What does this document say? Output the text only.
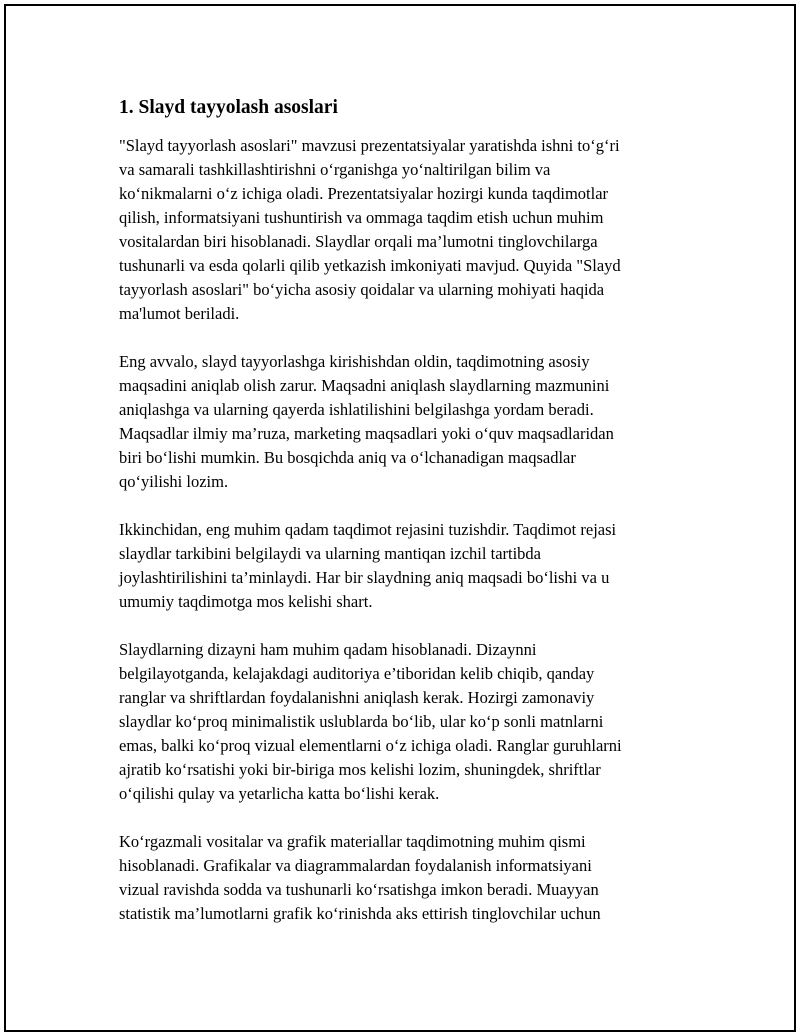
1. Slayd tayyolash asoslari

"Slayd tayyorlash asoslari" mavzusi prezentatsiyalar yaratishda ishni to‘g‘ri
va samarali tashkillashtirishni o‘rganishga yo‘naltirilgan bilim va
ko‘nikmalarni o‘z ichiga oladi. Prezentatsiyalar hozirgi kunda taqdimotlar
qilish, informatsiyani tushuntirish va ommaga taqdim etish uchun muhim
vositalardan biri hisoblanadi. Slaydlar orqali ma’lumotni tinglovchilarga
tushunarli va esda qolarli qilib yetkazish imkoniyati mavjud. Quyida "Slayd
tayyorlash asoslari" bo‘yicha asosiy qoidalar va ularning mohiyati haqida
ma'lumot beriladi.

Eng avvalo, slayd tayyorlashga kirishishdan oldin, taqdimotning asosiy
maqsadini aniqlab olish zarur. Maqsadni aniqlash slaydlarning mazmunini
aniqlashga va ularning qayerda ishlatilishini belgilashga yordam beradi.
Maqsadlar ilmiy ma’ruza, marketing maqsadlari yoki o‘quv maqsadlaridan
biri bo‘lishi mumkin. Bu bosqichda aniq va o‘lchanadigan maqsadlar
qo‘yilishi lozim.

Ikkinchidan, eng muhim qadam taqdimot rejasini tuzishdir. Taqdimot rejasi
slaydlar tarkibini belgilaydi va ularning mantiqan izchil tartibda
joylashtirilishini ta’minlaydi. Har bir slaydning aniq maqsadi bo‘lishi va u
umumiy taqdimotga mos kelishi shart.

Slaydlarning dizayni ham muhim qadam hisoblanadi. Dizaynni
belgilayotganda, kelajakdagi auditoriya e’tiboridan kelib chiqib, qanday
ranglar va shriftlardan foydalanishni aniqlash kerak. Hozirgi zamonaviy
slaydlar ko‘proq minimalistik uslublarda bo‘lib, ular ko‘p sonli matnlarni
emas, balki ko‘proq vizual elementlarni o‘z ichiga oladi. Ranglar guruhlarni
ajratib ko‘rsatishi yoki bir-biriga mos kelishi lozim, shuningdek, shriftlar
o‘qilishi qulay va yetarlicha katta bo‘lishi kerak.

Ko‘rgazmali vositalar va grafik materiallar taqdimotning muhim qismi
hisoblanadi. Grafikalar va diagrammalardan foydalanish informatsiyani
vizual ravishda sodda va tushunarli ko‘rsatishga imkon beradi. Muayyan
statistik ma’lumotlarni grafik ko‘rinishda aks ettirish tinglovchilar uchun
